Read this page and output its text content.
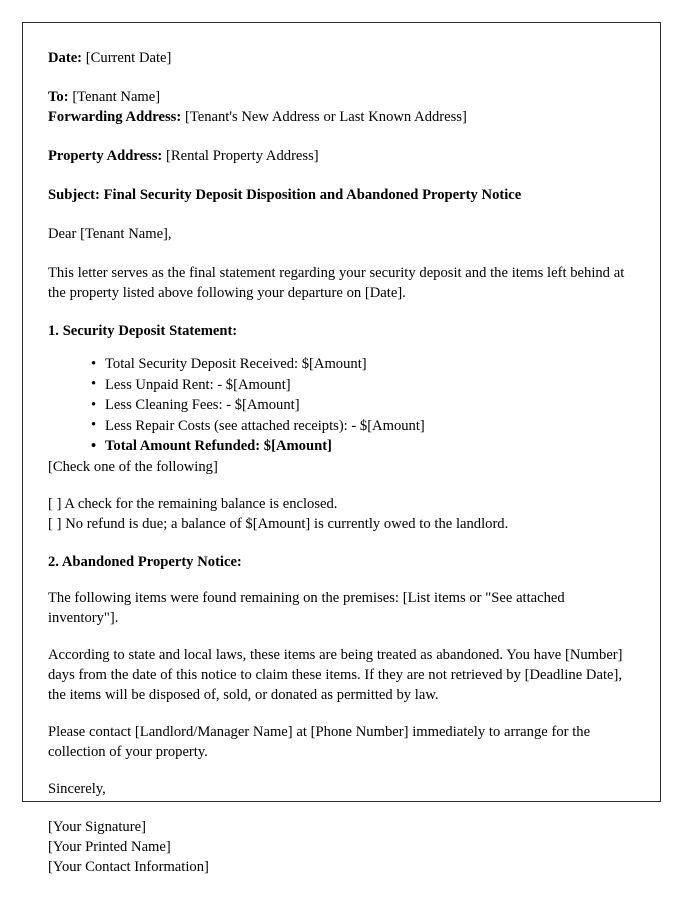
Date: [Current Date]

To: [Tenant Name]

Forwarding Address: [Tenant's New Address or Last Known Address]

Property Address: [Rental Property Address]

Subject: Final Security Deposit Disposition and Abandoned Property Notice

Dear [Tenant Name],

This letter serves as the final statement regarding your security deposit and the items left behind at the property listed above following your departure on [Date].

1. Security Deposit Statement:

• Total Security Deposit Received: $[Amount]
• Less Unpaid Rent: - $[Amount]
• Less Cleaning Fees: - $[Amount]
• Less Repair Costs (see attached receipts): - $[Amount]
• Total Amount Refunded: $[Amount]

[Check one of the following]

[ ] A check for the remaining balance is enclosed.

[ ] No refund is due; a balance of $[Amount] is currently owed to the landlord.

2. Abandoned Property Notice:

The following items were found remaining on the premises: [List items or "See attached inventory"].

According to state and local laws, these items are being treated as abandoned. You have [Number] days from the date of this notice to claim these items. If they are not retrieved by [Deadline Date], the items will be disposed of, sold, or donated as permitted by law.

Please contact [Landlord/Manager Name] at [Phone Number] immediately to arrange for the collection of your property.

Sincerely,

[Your Signature]

[Your Printed Name]

[Your Contact Information]
